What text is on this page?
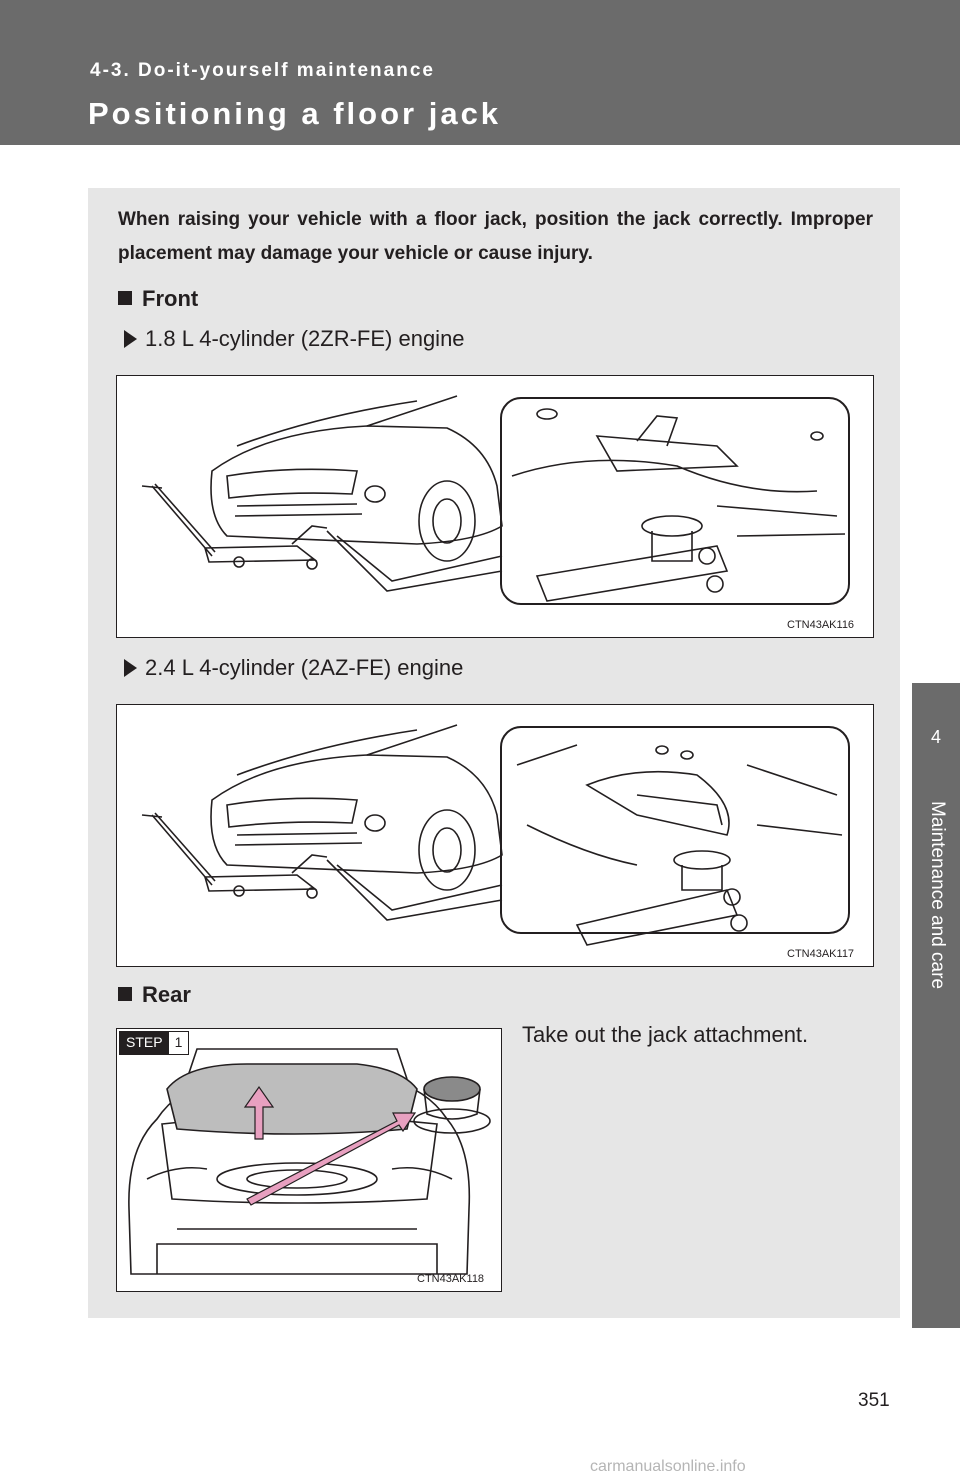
4-3. Do-it-yourself maintenance
Positioning a floor jack
4
Maintenance and care
When raising your vehicle with a floor jack, position the jack correctly. Improper placement may damage your vehicle or cause injury.
Front
1.8 L 4-cylinder (2ZR-FE) engine
CTN43AK116
2.4 L 4-cylinder (2AZ-FE) engine
CTN43AK117
Rear
STEP 1
CTN43AK118
Take out the jack attachment.
351
carmanualsonline.info
